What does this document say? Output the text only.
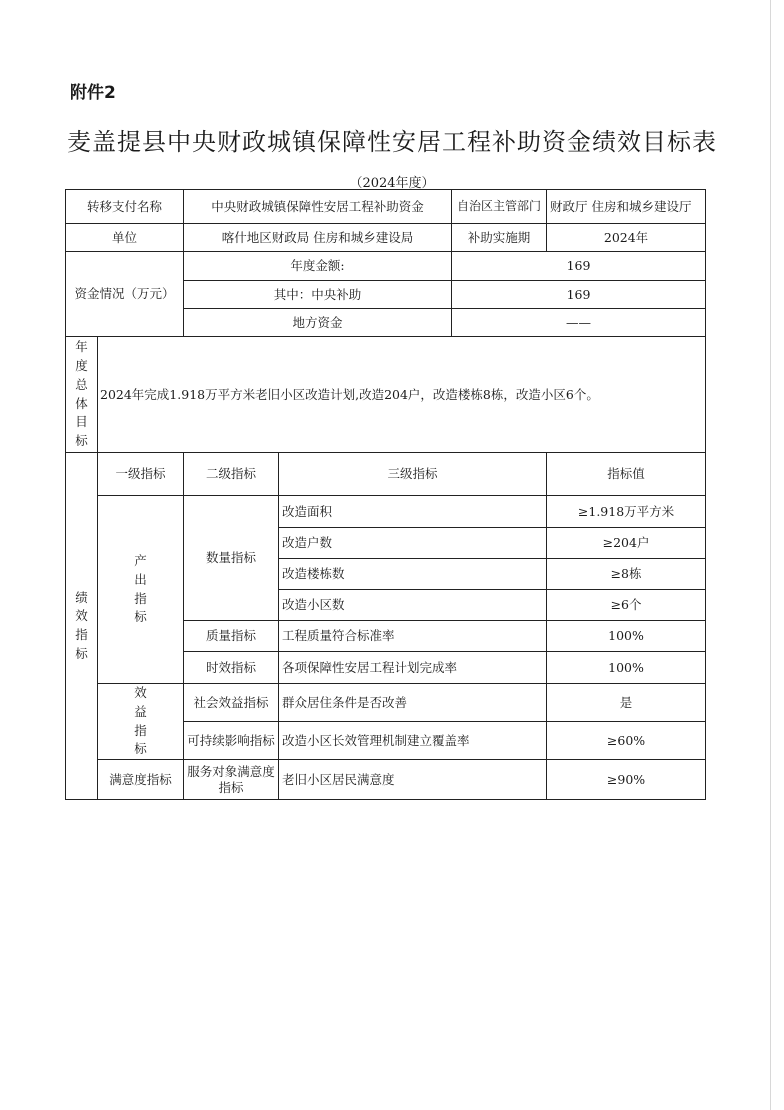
附件2
麦盖提县中央财政城镇保障性安居工程补助资金绩效目标表
（2024年度）
转移支付名称		中央财政城镇保障性安居工程补助资金		自治区主管部门	财政厅 住房和城乡建设厅
单位		喀什地区财政局 住房和城乡建设局		补助实施期	2024年
资金情况（万元）		年度金额:		169	
		其中：中央补助		169	
		地方资金		——	

年度总体目标	2024年完成1.918万平方米老旧小区改造计划,改造204户，改造楼栋8栋，改造小区6个。				

绩效指标	一级指标	二级指标	三级指标		指标值

	产出指标	数量指标	改造面积		≥1.918万平方米
			改造户数		≥204户
			改造楼栋数		≥8栋
			改造小区数		≥6个
		质量指标	工程质量符合标准率		100%
		时效指标	各项保障性安居工程计划完成率		100%

	效益指标	社会效益指标	群众居住条件是否改善		是
		可持续影响指标	改造小区长效管理机制建立覆盖率		≥60%
	满意度指标	服务对象满意度指标	老旧小区居民满意度		≥90%
